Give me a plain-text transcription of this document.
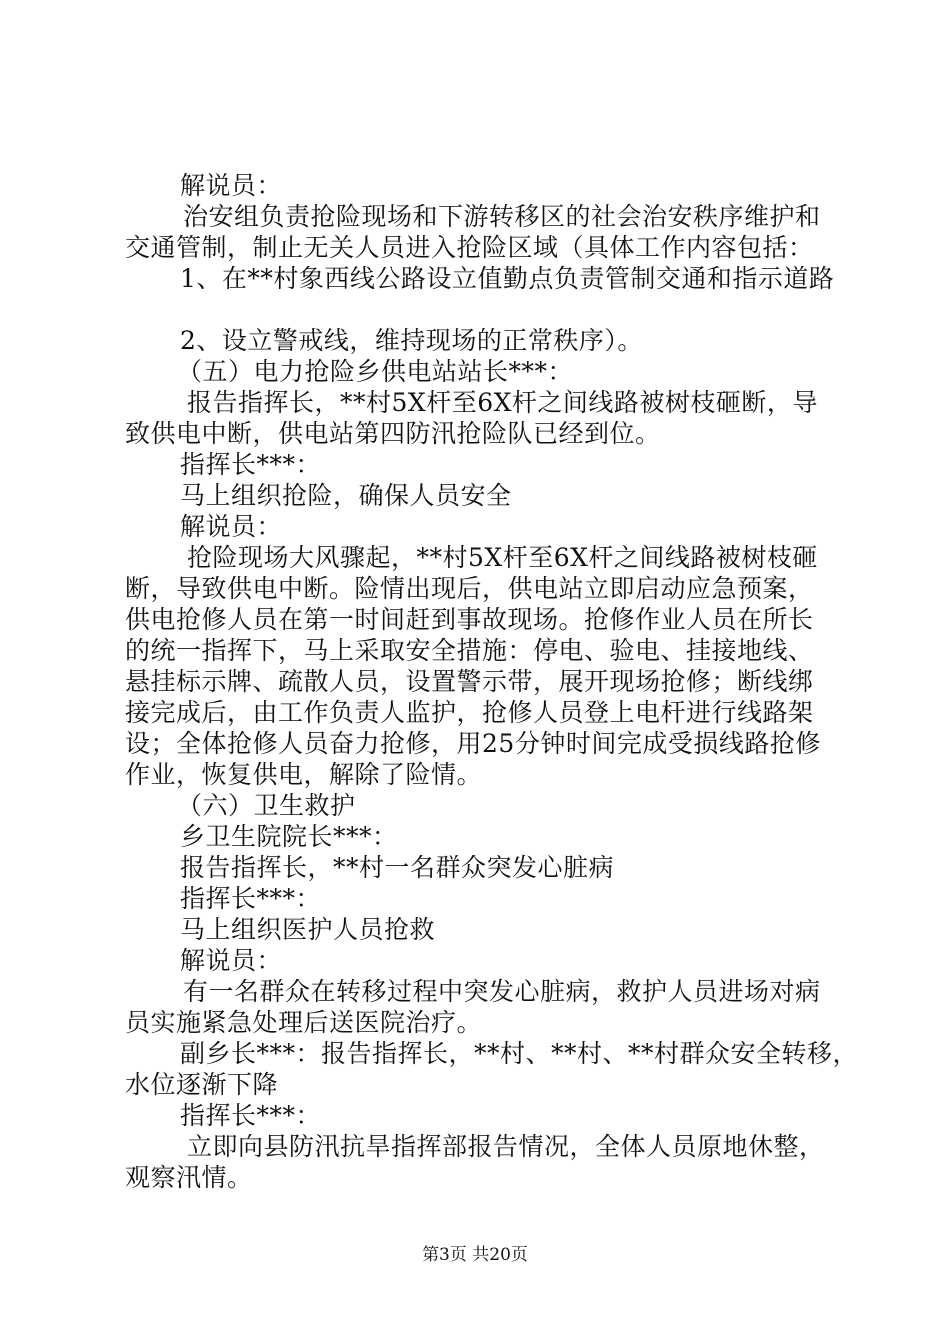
解说员：
治安组负责抢险现场和下游转移区的社会治安秩序维护和
交通管制，制止无关人员进入抢险区域（具体工作内容包括：
1、在**村象西线公路设立值勤点负责管制交通和指示道路
2、设立警戒线，维持现场的正常秩序）。
（五）电力抢险乡供电站站长***：
报告指挥长，**村5X杆至6X杆之间线路被树枝砸断，导
致供电中断，供电站第四防汛抢险队已经到位。
指挥长***：
马上组织抢险，确保人员安全
解说员：
抢险现场大风骤起，**村5X杆至6X杆之间线路被树枝砸
断，导致供电中断。险情出现后，供电站立即启动应急预案，
供电抢修人员在第一时间赶到事故现场。抢修作业人员在所长
的统一指挥下，马上采取安全措施：停电、验电、挂接地线、
悬挂标示牌、疏散人员，设置警示带，展开现场抢修；断线绑
接完成后，由工作负责人监护，抢修人员登上电杆进行线路架
设；全体抢修人员奋力抢修，用25分钟时间完成受损线路抢修
作业，恢复供电，解除了险情。
（六）卫生救护
乡卫生院院长***：
报告指挥长，**村一名群众突发心脏病
指挥长***：
马上组织医护人员抢救
解说员：
有一名群众在转移过程中突发心脏病，救护人员进场对病
员实施紧急处理后送医院治疗。
副乡长***：报告指挥长，**村、**村、**村群众安全转移，
水位逐渐下降
指挥长***：
立即向县防汛抗旱指挥部报告情况，全体人员原地休整，
观察汛情。
第3页 共20页
